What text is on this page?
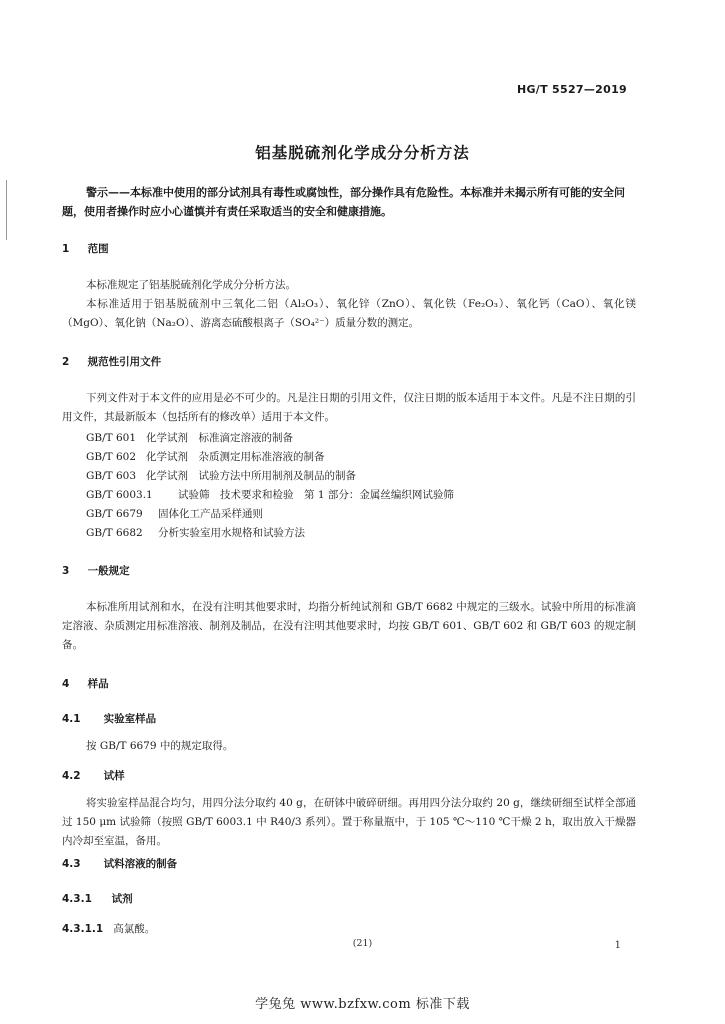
HG/T 5527—2019
铝基脱硫剂化学成分分析方法
警示——本标准中使用的部分试剂具有毒性或腐蚀性，部分操作具有危险性。本标准并未揭示所有可能的安全问题，使用者操作时应小心谨慎并有责任采取适当的安全和健康措施。
1 范围
本标准规定了铝基脱硫剂化学成分分析方法。
本标准适用于铝基脱硫剂中三氧化二铝（Al₂O₃）、氧化锌（ZnO）、氧化铁（Fe₂O₃）、氧化钙（CaO）、氧化镁（MgO）、氧化钠（Na₂O）、游离态硫酸根离子（SO₄²⁻）质量分数的测定。
2 规范性引用文件
下列文件对于本文件的应用是必不可少的。凡是注日期的引用文件，仅注日期的版本适用于本文件。凡是不注日期的引用文件，其最新版本（包括所有的修改单）适用于本文件。
GB/T 601 化学试剂　标准滴定溶液的制备
GB/T 602 化学试剂　杂质测定用标准溶液的制备
GB/T 603 化学试剂　试验方法中所用制剂及制品的制备
GB/T 6003.1 试验筛　技术要求和检验　第 1 部分：金属丝编织网试验筛
GB/T 6679 固体化工产品采样通则
GB/T 6682 分析实验室用水规格和试验方法
3 一般规定
本标准所用试剂和水，在没有注明其他要求时，均指分析纯试剂和 GB/T 6682 中规定的三级水。试验中所用的标准滴定溶液、杂质测定用标准溶液、制剂及制品，在没有注明其他要求时，均按 GB/T 601、GB/T 602 和 GB/T 603 的规定制备。
4 样品
4.1 实验室样品
按 GB/T 6679 中的规定取得。
4.2 试样
将实验室样品混合均匀，用四分法分取约 40 g，在研钵中破碎研细。再用四分法分取约 20 g，继续研细至试样全部通过 150 μm 试验筛（按照 GB/T 6003.1 中 R40/3 系列）。置于称量瓶中，于 105 ℃～110 ℃干燥 2 h，取出放入干燥器内冷却至室温，备用。
4.3 试料溶液的制备
4.3.1 试剂
4.3.1.1 高氯酸。
(21)	1
学兔兔 www.bzfxw.com 标准下载
